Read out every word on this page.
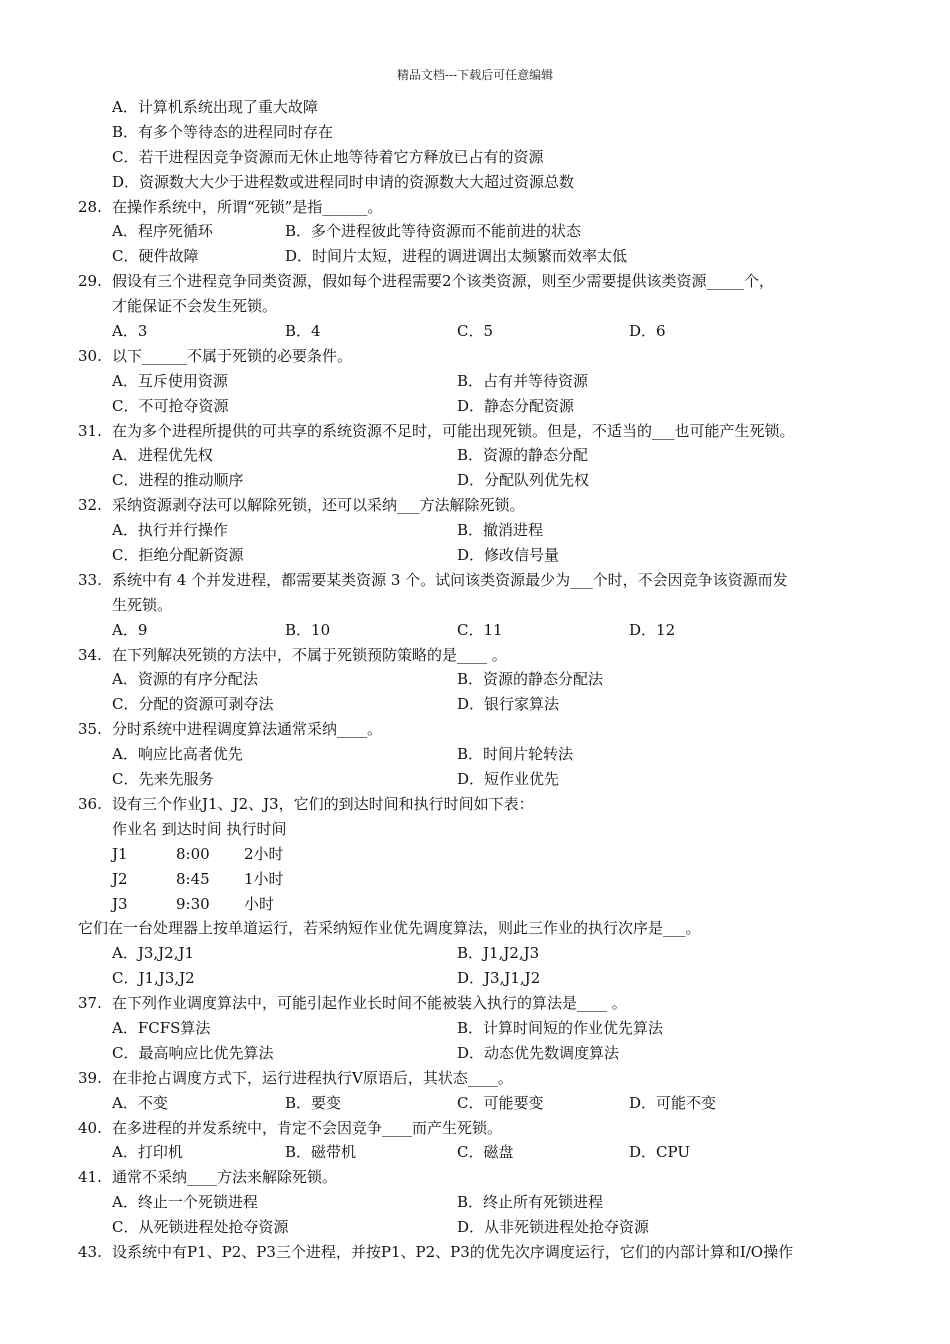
精品文档---下载后可任意编辑
A．计算机系统出现了重大故障
B．有多个等待态的进程同时存在
C．若干进程因竞争资源而无休止地等待着它方释放已占有的资源
D．资源数大大少于进程数或进程同时申请的资源数大大超过资源总数
28. 在操作系统中，所谓“死锁”是指______。
A．程序死循环	B．多个进程彼此等待资源而不能前进的状态
C．硬件故障	D．时间片太短，进程的调进调出太频繁而效率太低
29. 假设有三个进程竞争同类资源，假如每个进程需要2个该类资源，则至少需要提供该类资源_____个，
才能保证不会发生死锁。
A．3	B．4	C．5	D．6
30. 以下______不属于死锁的必要条件。
A．互斥使用资源	B．占有并等待资源
C．不可抢夺资源	D．静态分配资源
31. 在为多个进程所提供的可共享的系统资源不足时，可能出现死锁。但是，不适当的___也可能产生死锁。
A．进程优先权	B．资源的静态分配
C．进程的推动顺序	D．分配队列优先权
32. 采纳资源剥夺法可以解除死锁，还可以采纳___方法解除死锁。
A．执行并行操作	B．撤消进程
C．拒绝分配新资源	D．修改信号量
33. 系统中有 4 个并发进程，都需要某类资源 3 个。试问该类资源最少为___个时，不会因竞争该资源而发
生死锁。
A．9	B．10	C．11	D．12
34. 在下列解决死锁的方法中，不属于死锁预防策略的是____ 。
A．资源的有序分配法	B．资源的静态分配法
C．分配的资源可剥夺法	D．银行家算法
35. 分时系统中进程调度算法通常采纳____。
A．响应比高者优先	B．时间片轮转法
C．先来先服务	D．短作业优先
36. 设有三个作业J1、J2、J3，它们的到达时间和执行时间如下表：
作业名 到达时间 执行时间
J1	8:00 2小时
J2	8:45 1小时
J3	9:30 小时
它们在一台处理器上按单道运行，若采纳短作业优先调度算法，则此三作业的执行次序是___。
A．J3,J2,J1	B．J1,J2,J3
C．J1,J3,J2	D．J3,J1,J2
37. 在下列作业调度算法中，可能引起作业长时间不能被装入执行的算法是____ 。
A．FCFS算法	B．计算时间短的作业优先算法
C．最高响应比优先算法	D．动态优先数调度算法
39. 在非抢占调度方式下，运行进程执行Ⅴ原语后，其状态____。
A．不变	B．要变	C．可能要变	D．可能不变
40. 在多进程的并发系统中，肯定不会因竞争____而产生死锁。
A．打印机	B．磁带机	C．磁盘	D．CPU
41. 通常不采纳____方法来解除死锁。
A．终止一个死锁进程	B．终止所有死锁进程
C．从死锁进程处抢夺资源	D．从非死锁进程处抢夺资源
43. 设系统中有P1、P2、P3三个进程，并按P1、P2、P3的优先次序调度运行，它们的内部计算和I/O操作
